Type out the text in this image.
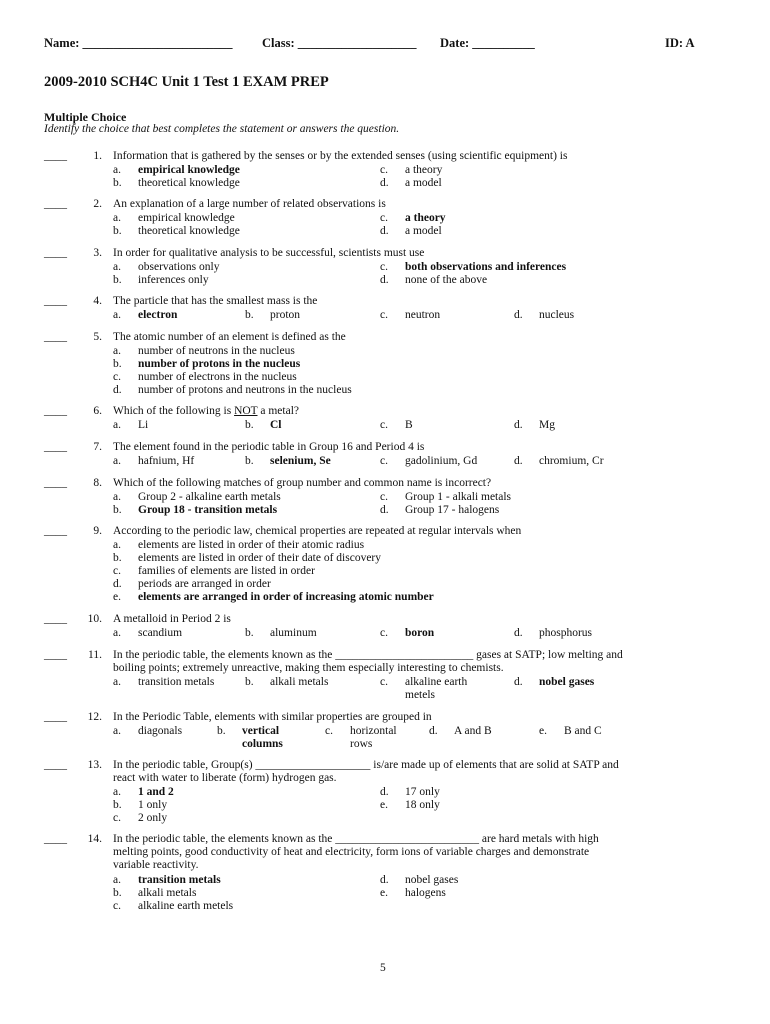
Name: ________________________ Class: ___________________ Date: __________	ID: A
2009-2010 SCH4C Unit 1 Test 1 EXAM PREP
Multiple Choice
Identify the choice that best completes the statement or answers the question.
____	1. Information that is gathered by the senses or by the extended senses (using scientific equipment) is
a. empirical knowledge
b. theoretical knowledge
c. a theory
d. a model
____	2. An explanation of a large number of related observations is
a. empirical knowledge
b. theoretical knowledge
c. a theory
d. a model
____	3. In order for qualitative analysis to be successful, scientists must use
a. observations only
b. inferences only
c. both observations and inferences
d. none of the above
____	4. The particle that has the smallest mass is the
a. electron	b. proton	c. neutron	d. nucleus
____	5. The atomic number of an element is defined as the
a. number of neutrons in the nucleus
b. number of protons in the nucleus
c. number of electrons in the nucleus
d. number of protons and neutrons in the nucleus
____	6. Which of the following is NOT a metal?
a. Li	b. Cl	c. B	d. Mg
____	7. The element found in the periodic table in Group 16 and Period 4 is
a. hafnium, Hf	b. selenium, Se	c. gadolinium, Gd	d. chromium, Cr
____	8. Which of the following matches of group number and common name is incorrect?
a. Group 2 - alkaline earth metals
b. Group 18 - transition metals
c. Group 1 - alkali metals
d. Group 17 - halogens
____	9. According to the periodic law, chemical properties are repeated at regular intervals when
a. elements are listed in order of their atomic radius
b. elements are listed in order of their date of discovery
c. families of elements are listed in order
d. periods are arranged in order
e. elements are arranged in order of increasing atomic number
____	10. A metalloid in Period 2 is
a. scandium	b. aluminum	c. boron	d. phosphorus
____	11. In the periodic table, the elements known as the ________________________ gases at SATP; low melting and
boiling points; extremely unreactive, making them especially interesting to chemists.
a. transition metals	b. alkali metals	c. alkaline earth
metels
d. nobel gases
____	12. In the Periodic Table, elements with similar properties are grouped in
a. diagonals	b. vertical
columns
c. horizontal
rows
d. A and B	e. B and C
____	13. In the periodic table, Group(s) ____________________ is/are made up of elements that are solid at SATP and
react with water to liberate (form) hydrogen gas.
a. 1 and 2
b. 1 only
c. 2 only
d. 17 only
e. 18 only
____	14. In the periodic table, the elements known as the _________________________ are hard metals with high
melting points, good conductivity of heat and electricity, form ions of variable charges and demonstrate
variable reactivity.
a. transition metals
b. alkali metals
c. alkaline earth metels
d. nobel gases
e. halogens
5
